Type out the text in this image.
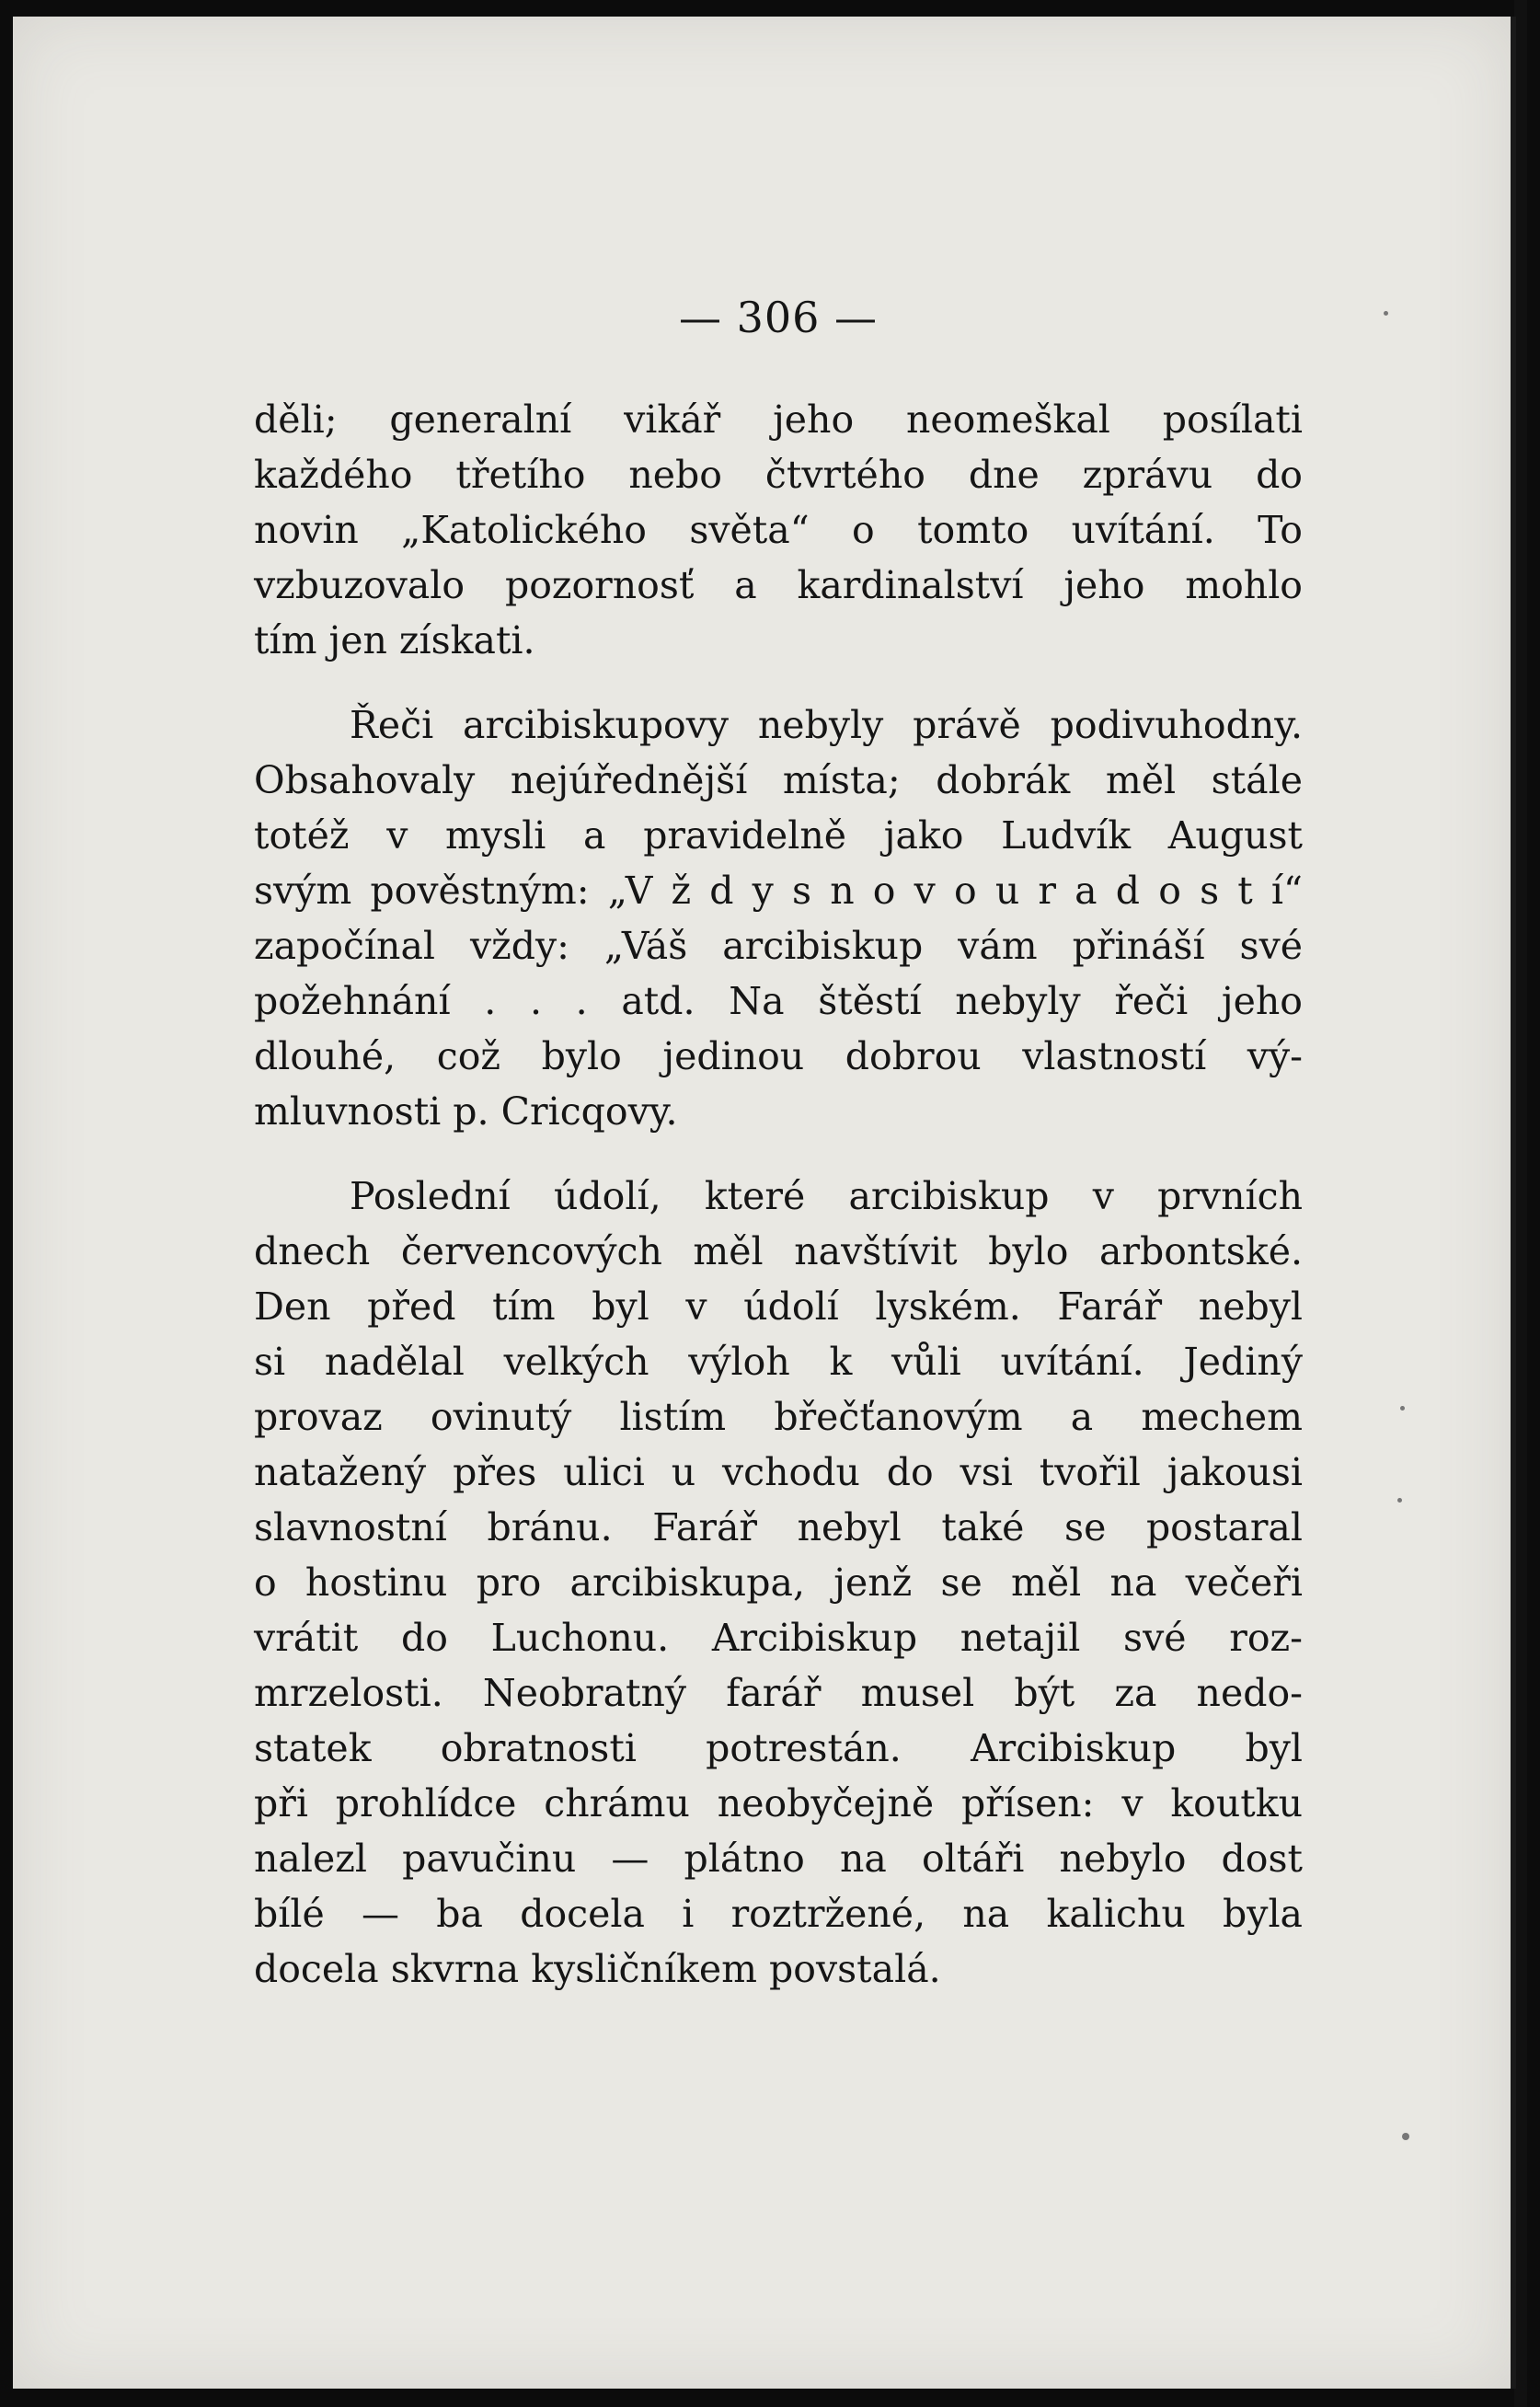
— 306 —
děli; generalní vikář jeho neomeškal posílati
každého třetího nebo čtvrtého dne zprávu do
novin „Katolického světa“ o tomto uvítání. To
vzbuzovalo pozornosť a kardinalství jeho mohlo
tím jen získati.
Řeči arcibiskupovy nebyly právě podivuhodny.
Obsahovaly nejúřednější místa; dobrák měl stále
totéž v mysli a pravidelně jako Ludvík August
svým pověstným: „V ž d y s n o v o u r a d o s t í“
započínal vždy: „Váš arcibiskup vám přináší své
požehnání . . . atd. Na štěstí nebyly řeči jeho
dlouhé, což bylo jedinou dobrou vlastností vý-
mluvnosti p. Cricqovy.
Poslední údolí, které arcibiskup v prvních
dnech červencových měl navštívit bylo arbontské.
Den před tím byl v údolí lyském. Farář nebyl
si nadělal velkých výloh k vůli uvítání. Jediný
provaz ovinutý listím břečťanovým a mechem
natažený přes ulici u vchodu do vsi tvořil jakousi
slavnostní bránu. Farář nebyl také se postaral
o hostinu pro arcibiskupa, jenž se měl na večeři
vrátit do Luchonu. Arcibiskup netajil své roz-
mrzelosti. Neobratný farář musel být za nedo-
statek obratnosti potrestán. Arcibiskup byl
při prohlídce chrámu neobyčejně přísen: v koutku
nalezl pavučinu — plátno na oltáři nebylo dost
bílé — ba docela i roztržené, na kalichu byla
docela skvrna kysličníkem povstalá.
